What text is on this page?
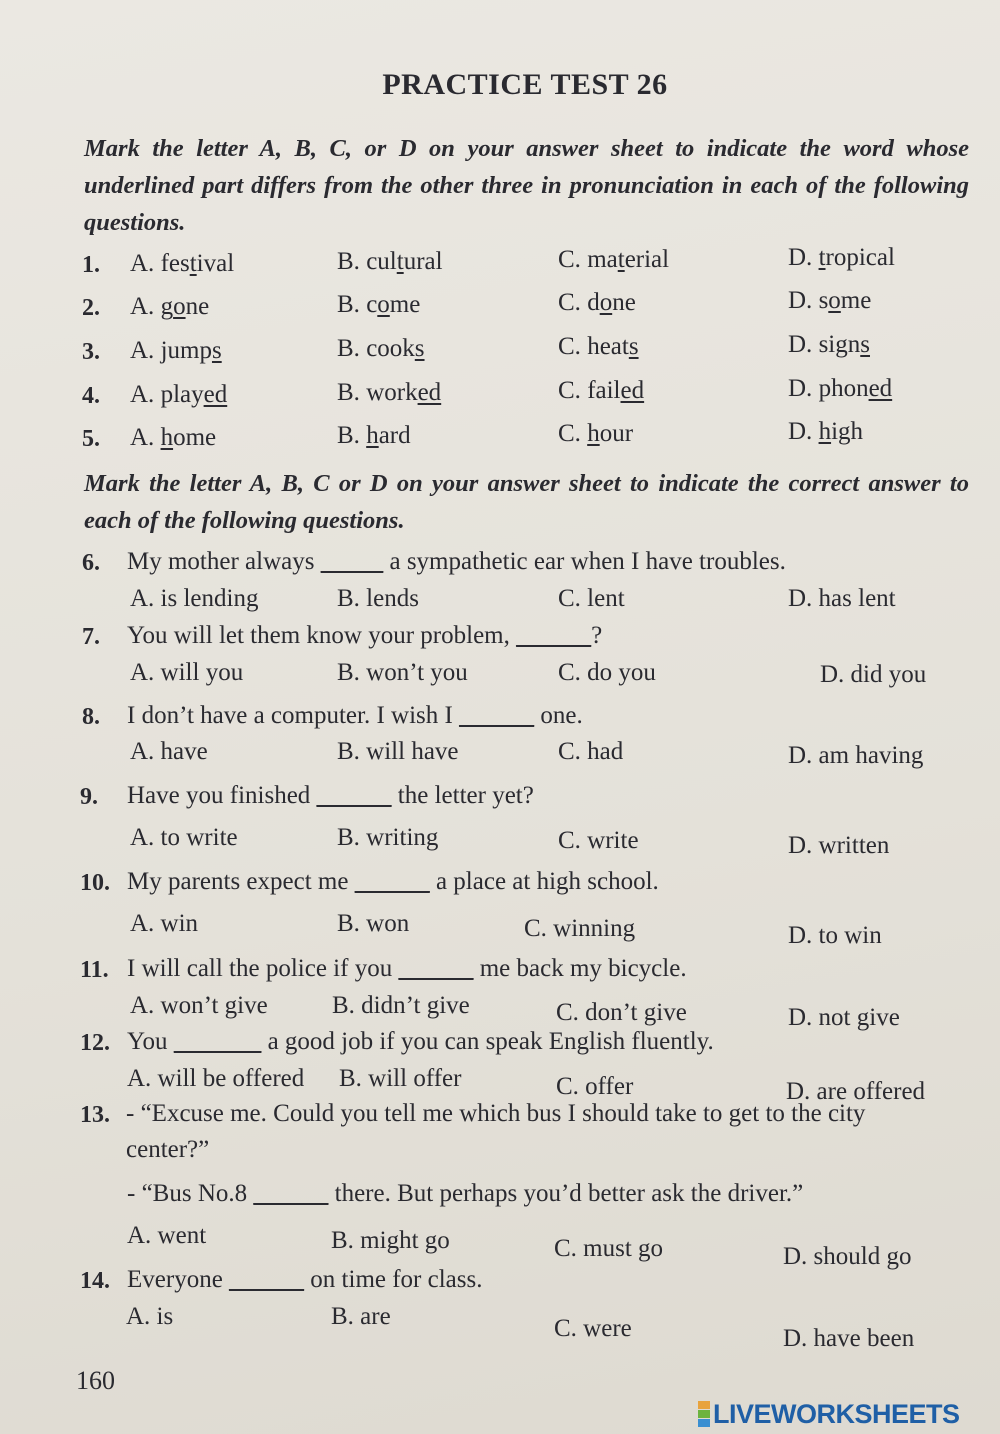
PRACTICE TEST 26
Mark the letter A, B, C, or D on your answer sheet to indicate the word whose underlined part differs from the other three in pronunciation in each of the following questions.
1. A. festival	B. cultural	C. material	D. tropical
2. A. gone	B. come	C. done	D. some
3. A. jumps	B. cooks	C. heats	D. signs
4. A. played	B. worked	C. failed	D. phoned
5. A. home	B. hard	C. hour	D. high
Mark the letter A, B, C or D on your answer sheet to indicate the correct answer to each of the following questions.
6. My mother always _____ a sympathetic ear when I have troubles.
A. is lending	B. lends	C. lent	D. has lent
7. You will let them know your problem, ______?
A. will you	B. won’t you	C. do you	D. did you
8. I don’t have a computer. I wish I ______ one.
A. have	B. will have	C. had	D. am having
9. Have you finished ______ the letter yet?
A. to write	B. writing	C. write	D. written
10. My parents expect me ______ a place at high school.
A. win	B. won	C. winning	D. to win
11. I will call the police if you ______ me back my bicycle.
A. won’t give	B. didn’t give	C. don’t give	D. not give
12. You _______ a good job if you can speak English fluently.
A. will be offered B. will offer	C. offer	D. are offered
13. - “Excuse me. Could you tell me which bus I should take to get to the city
center?”
- “Bus No.8 ______ there. But perhaps you’d better ask the driver.”
A. went	B. might go	C. must go	D. should go
14. Everyone ______ on time for class.
A. is	B. are	C. were	D. have been
160
LIVEWORKSHEETS
